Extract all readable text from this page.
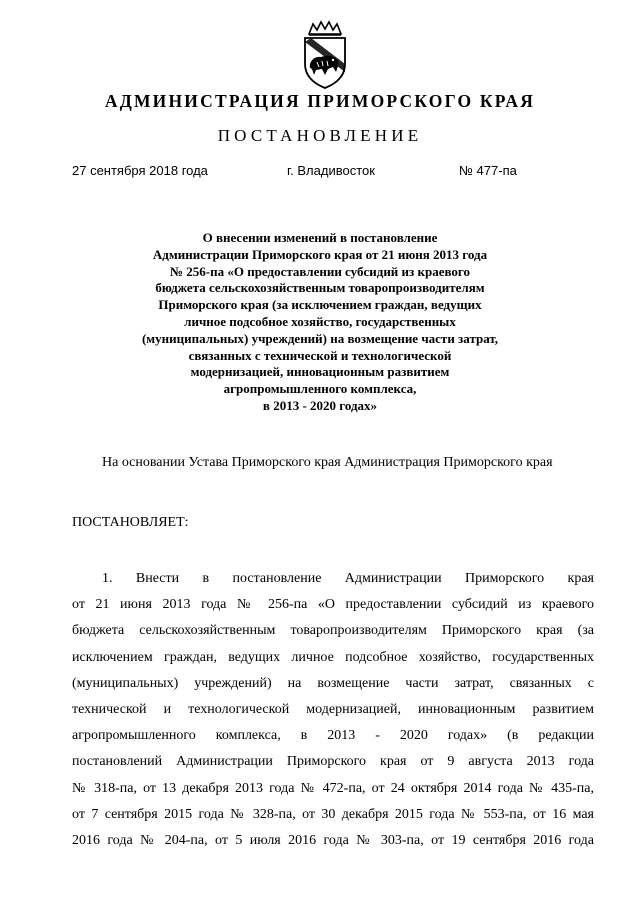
АДМИНИСТРАЦИЯ ПРИМОРСКОГО КРАЯ
ПОСТАНОВЛЕНИЕ
27 сентября 2018 года	г. Владивосток	№ 477-па
О внесении изменений в постановление
Администрации Приморского края от 21 июня 2013 года
№ 256-па «О предоставлении субсидий из краевого
бюджета сельскохозяйственным товаропроизводителям
Приморского края (за исключением граждан, ведущих
личное подсобное хозяйство, государственных
(муниципальных) учреждений) на возмещение части затрат,
связанных с технической и технологической
модернизацией, инновационным развитием
агропромышленного комплекса,
в 2013 - 2020 годах»
На основании Устава Приморского края Администрация Приморского края
ПОСТАНОВЛЯЕТ:
1. Внести в постановление Администрации Приморского края
от 21 июня 2013 года № 256-па «О предоставлении субсидий из краевого
бюджета сельскохозяйственным товаропроизводителям Приморского края (за
исключением граждан, ведущих личное подсобное хозяйство, государственных
(муниципальных) учреждений) на возмещение части затрат, связанных с
технической и технологической модернизацией, инновационным развитием
агропромышленного комплекса, в 2013 - 2020 годах» (в редакции
постановлений Администрации Приморского края от 9 августа 2013 года
№ 318-па, от 13 декабря 2013 года № 472-па, от 24 октября 2014 года № 435-па,
от 7 сентября 2015 года № 328-па, от 30 декабря 2015 года № 553-па, от 16 мая
2016 года № 204-па, от 5 июля 2016 года № 303-па, от 19 сентября 2016 года
